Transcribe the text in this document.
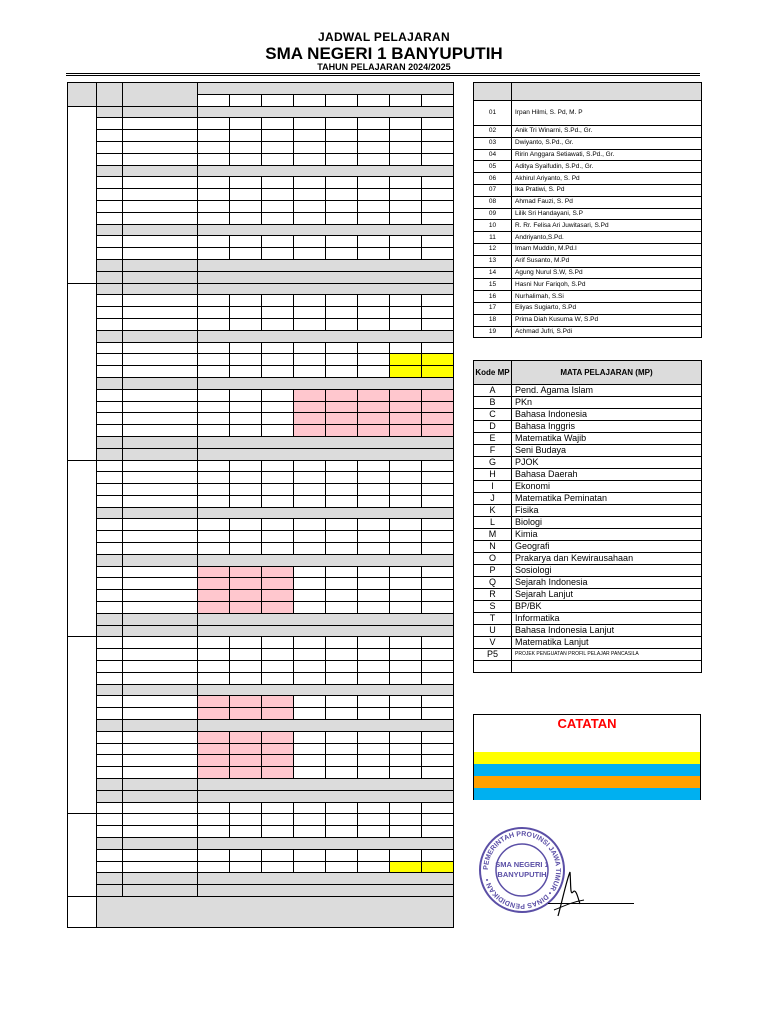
JADWAL PELAJARAN
SMA NEGERI 1 BANYUPUTIH
TAHUN PELAJARAN 2024/2025

01	Irpan Hilmi, S. Pd, M. P
02	Anik Tri Winarni, S.Pd., Gr.
03	Dwiyanto, S.Pd., Gr.
04	Ririn Anggara Setiawati, S.Pd., Gr.
05	Aditya Syaifudin, S.Pd., Gr.
06	Akhirul Ariyanto, S. Pd
07	Ika Pratiwi, S. Pd
08	Ahmad Fauzi, S. Pd
09	Lilik Sri Handayani, S.P
10	R. Rr. Felisa Ari Juwitasari, S.Pd
11	Andriyanto,S.Pd.
12	Imam Muddin, M.Pd.I
13	Arif Susanto, M.Pd
14	Agung Nurul S.W, S.Pd
15	Hasni Nur Fariqoh, S.Pd
16	Nurhalimah, S.Si
17	Eliyas Sugiarto, S.Pd
18	Prima Diah Kusuma W, S.Pd
19	Achmad Jufri, S.Pdi
Kode MP	MATA PELAJARAN (MP)
A	Pend. Agama Islam
B	PKn
C	Bahasa Indonesia
D	Bahasa Inggris
E	Matematika Wajib
F	Seni Budaya
G	PJOK
H	Bahasa Daerah
I	Ekonomi
J	Matematika Peminatan
K	Fisika
L	Biologi
M	Kimia
N	Geografi
O	Prakarya dan Kewirausahaan
P	Sosiologi
Q	Sejarah Indonesia
R	Sejarah Lanjut
S	BP/BK
T	Informatika
U	Bahasa Indonesia Lanjut
V	Matematika Lanjut
P5	PROJEK PENGUATAN PROFIL PELAJAR PANCASILA

CATATAN
PEMERINTAH PROVINSI JAWA TIMUR • DINAS PENDIDIKAN •
SMA NEGERI 1
BANYUPUTIH
